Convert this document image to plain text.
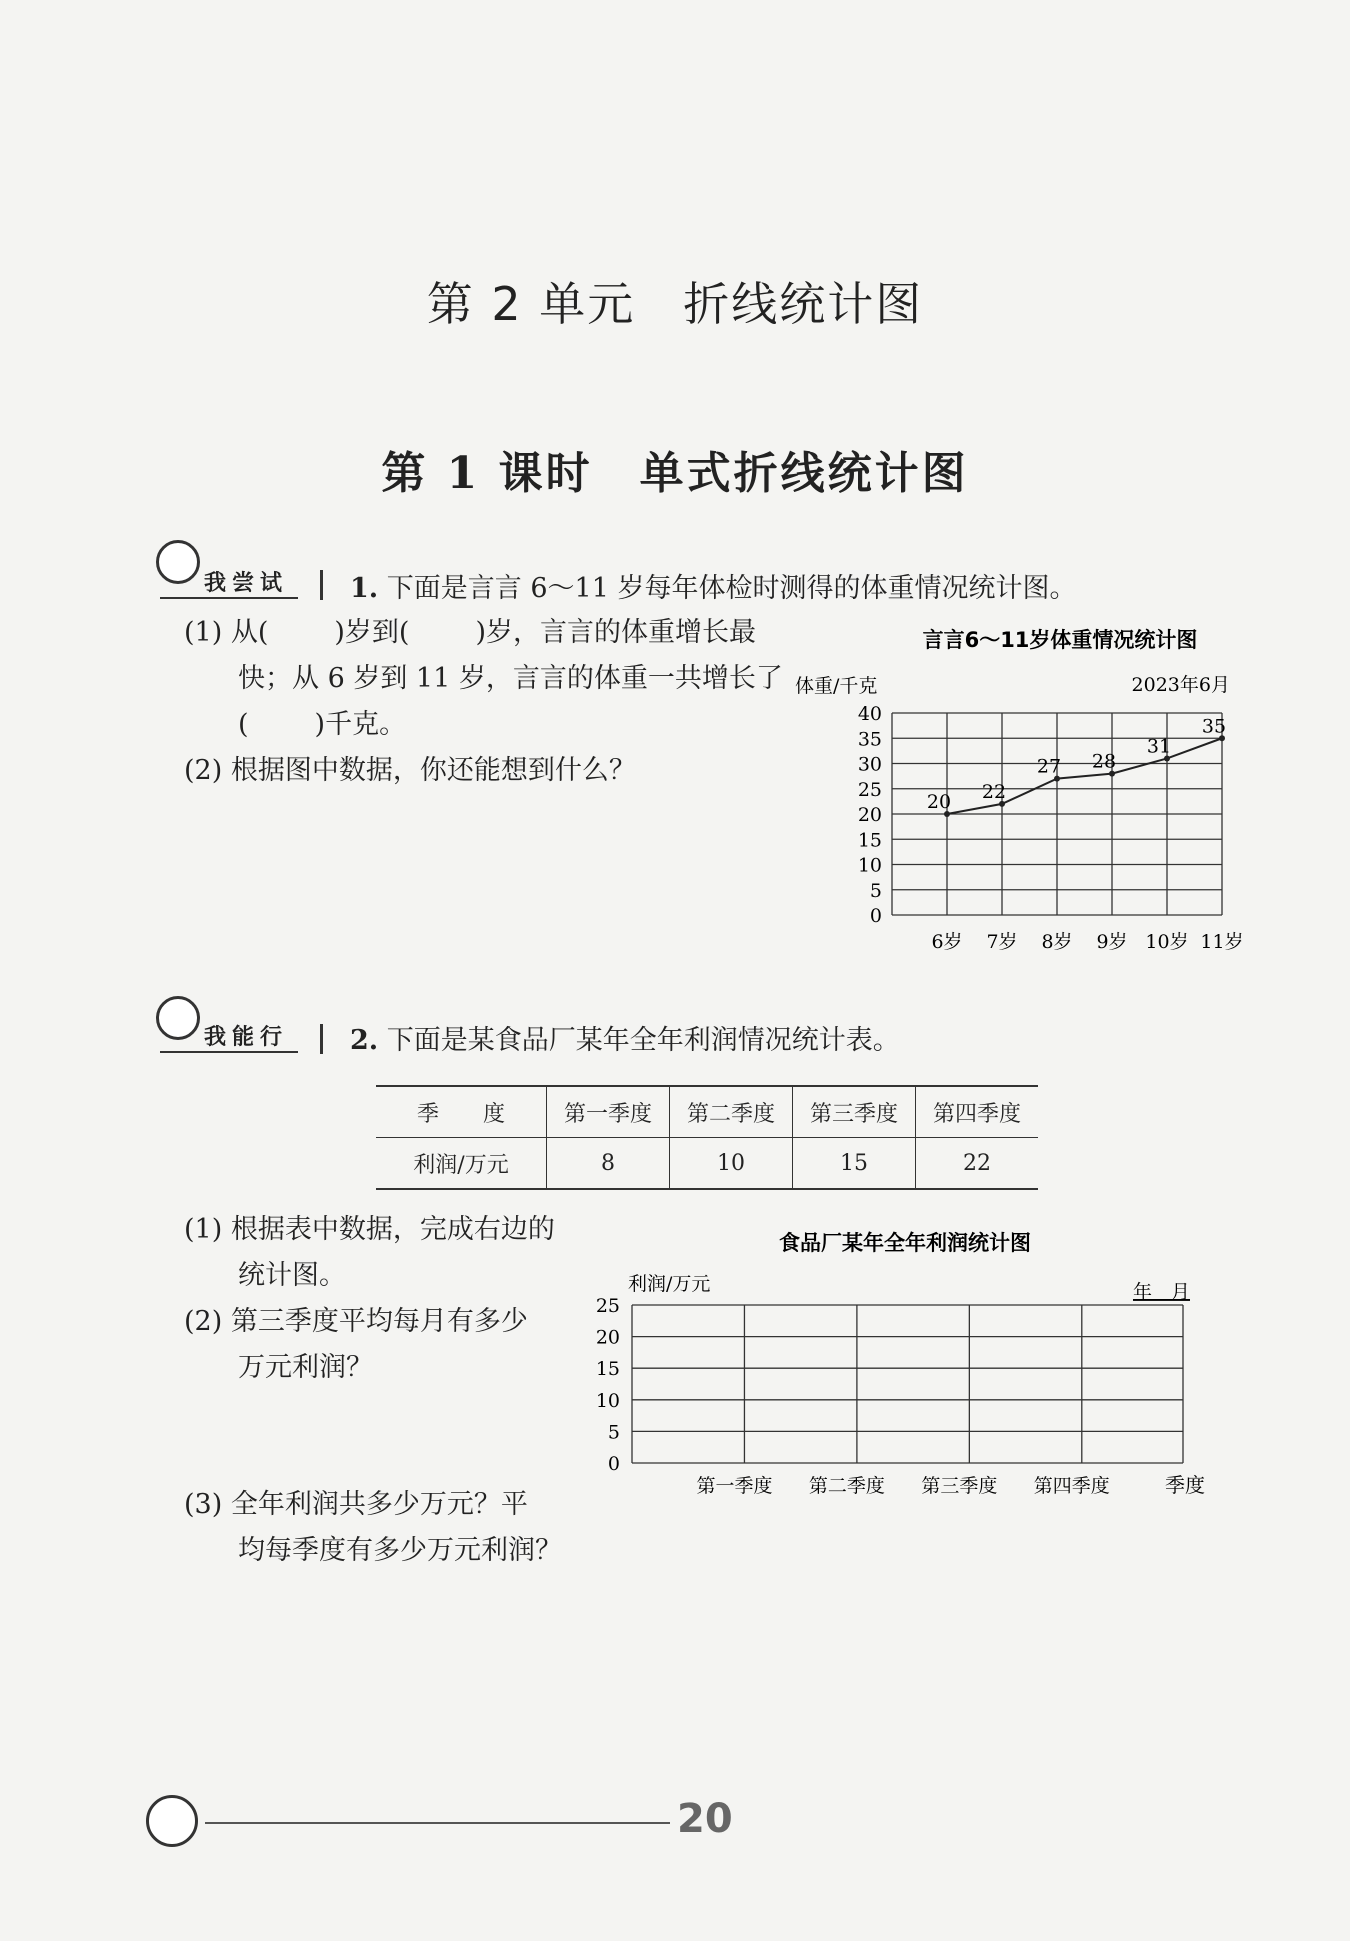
第 2 单元　折线统计图
第 1 课时　单式折线统计图
我尝试	1. 下面是言言 6～11 岁每年体检时测得的体重情况统计图。
(1) 从( )岁到( )岁，言言的体重增长最
快；从 6 岁到 11 岁，言言的体重一共增长了
( )千克。
(2) 根据图中数据，你还能想到什么？
言言6～11岁体重情况统计图
体重/千克	2023年6月
40
35
30
25
20
15
10
5
0
20 22
27 28
31
35
6岁 7岁 8岁 9岁 10岁 11岁
我能行	2. 下面是某食品厂某年全年利润情况统计表。
季　　度	第一季度	第二季度	第三季度	第四季度
利润/万元	8	10	15	22
(1) 根据表中数据，完成右边的
统计图。
(2) 第三季度平均每月有多少
万元利润？
(3) 全年利润共多少万元？平
均每季度有多少万元利润？
食品厂某年全年利润统计图
利润/万元	年　月
季度
25
20
15
10
5
0
第一季度 第二季度 第三季度 第四季度
20
